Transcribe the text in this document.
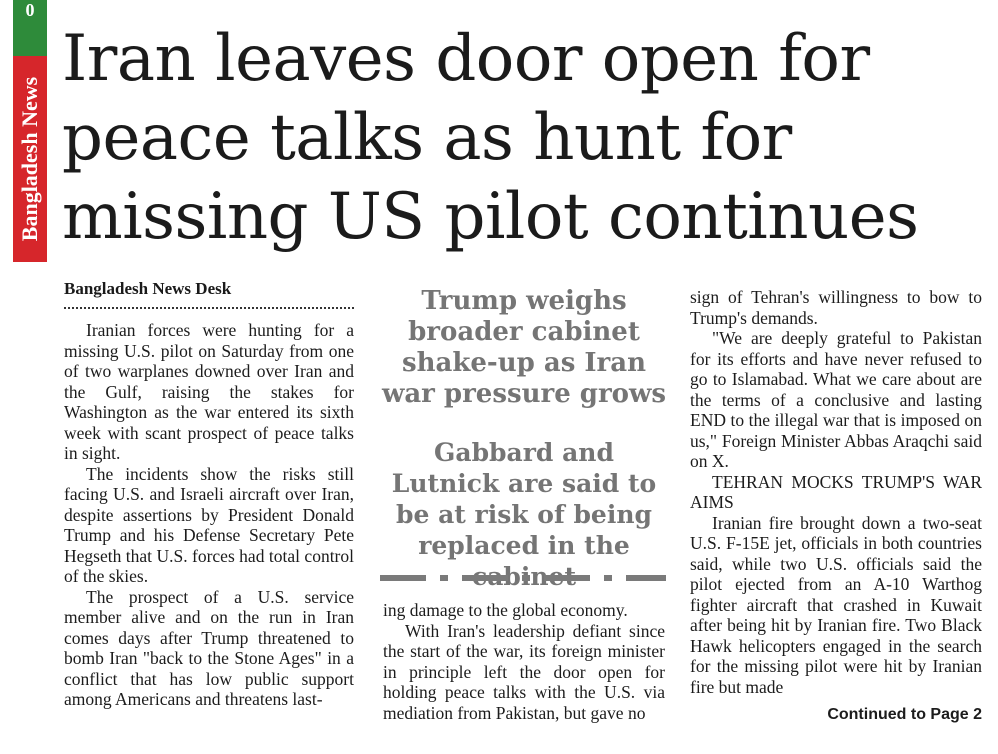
0
Bangladesh News
Iran leaves door open for peace talks as hunt for missing US pilot continues
Bangladesh News Desk

Iranian forces were hunting for a missing U.S. pilot on Saturday from one of two warplanes downed over Iran and the Gulf, raising the stakes for Washington as the war entered its sixth week with scant prospect of peace talks in sight.

The incidents show the risks still facing U.S. and Israeli aircraft over Iran, despite assertions by President Donald Trump and his Defense Secretary Pete Hegseth that U.S. forces had total control of the skies.

The prospect of a U.S. service member alive and on the run in Iran comes days after Trump threatened to bomb Iran "back to the Stone Ages" in a conflict that has low public support among Americans and threatens last-

Trump weighs broader cabinet shake-up as Iran war pressure grows

Gabbard and Lutnick are said to be at risk of being replaced in the

ing damage to the global economy.

With Iran's leadership defiant since the start of the war, its foreign minister in principle left the door open for holding peace talks with the U.S. via mediation from Pakistan, but gave no

sign of Tehran's willingness to bow to Trump's demands.

"We are deeply grateful to Pakistan for its efforts and have never refused to go to Islamabad. What we care about are the terms of a conclusive and lasting END to the illegal war that is imposed on us," Foreign Minister Abbas Araqchi said on X.

TEHRAN MOCKS TRUMP'S WAR AIMS

Iranian fire brought down a two-seat U.S. F-15E jet, officials in both countries said, while two U.S. officials said the pilot ejected from an A-10 Warthog fighter aircraft that crashed in Kuwait after being hit by Iranian fire. Two Black Hawk helicopters engaged in the search for the missing pilot were hit by Iranian fire but made

Continued to Page 2
